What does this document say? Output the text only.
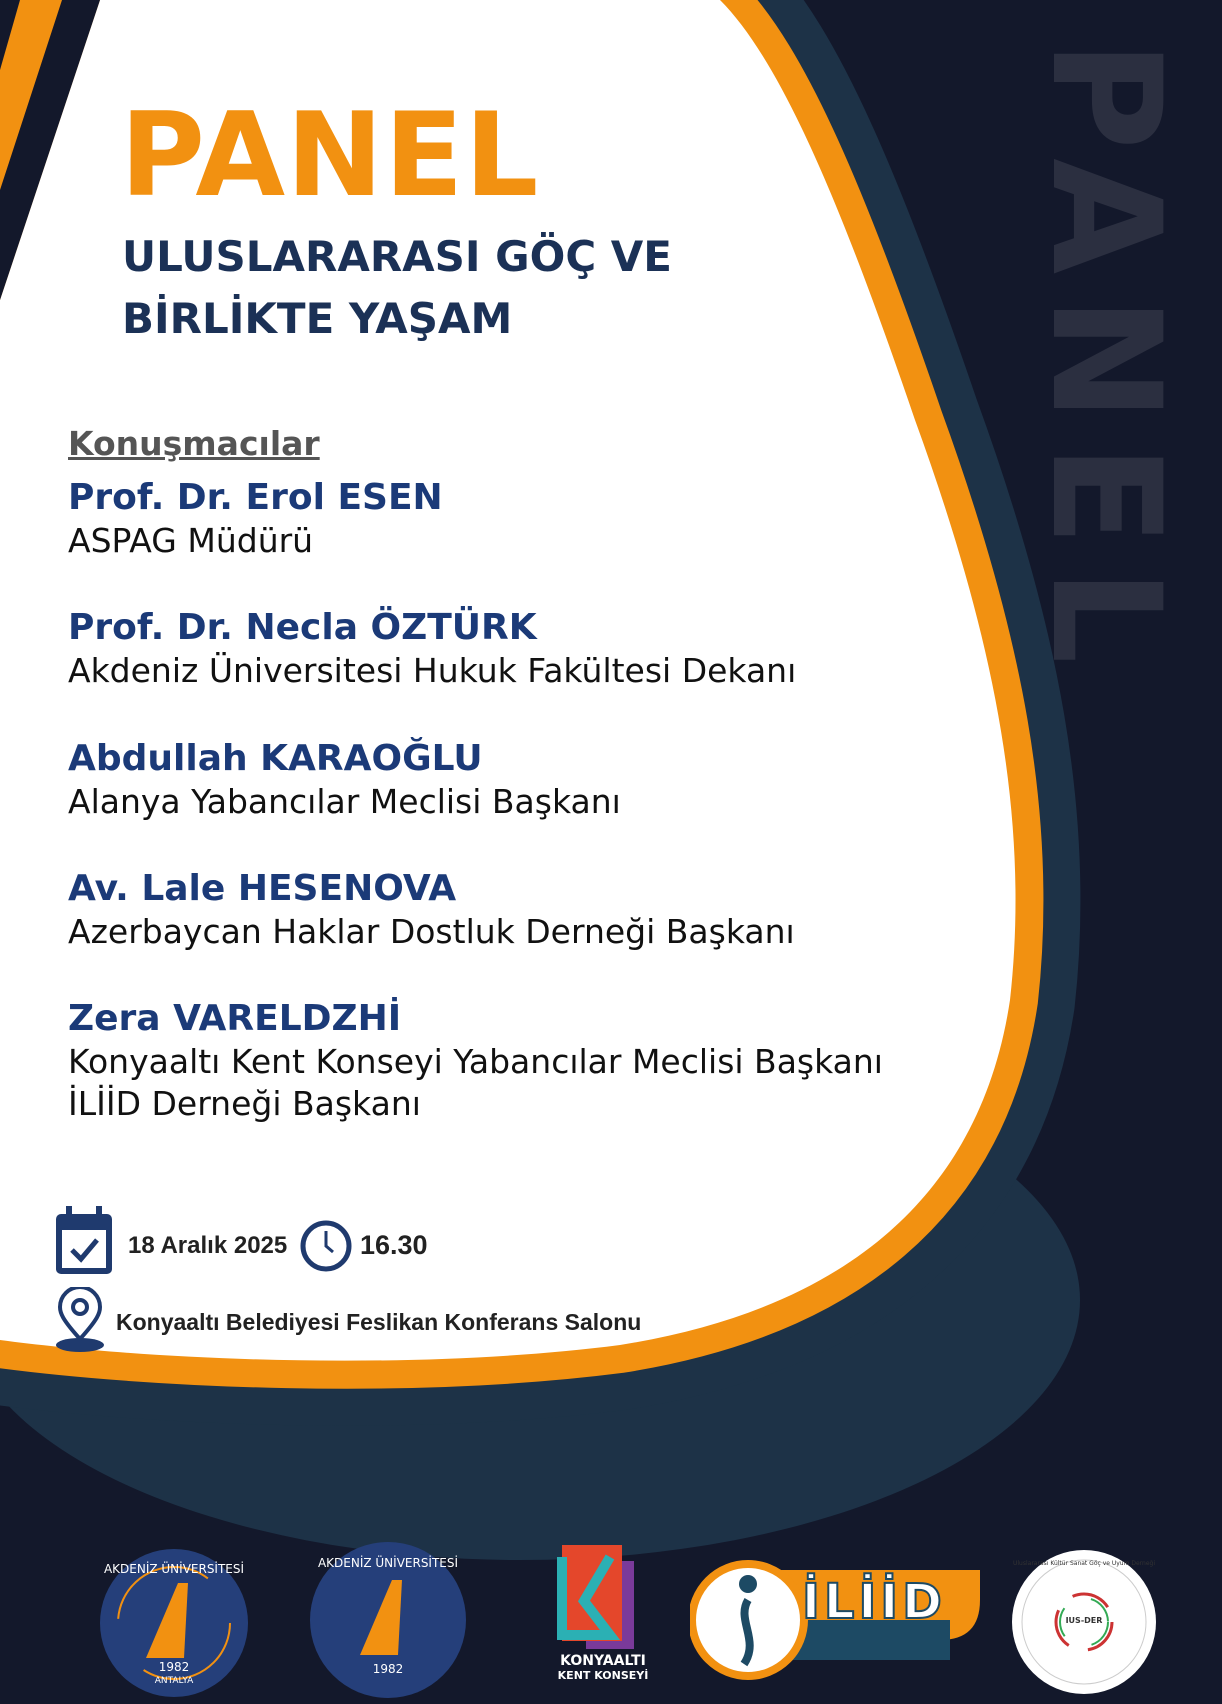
PANEL
ULUSLARARASI GÖÇ VE
BİRLİKTE YAŞAM	PANEL
Konuşmacılar
Prof. Dr. Erol ESEN
ASPAG Müdürü
Prof. Dr. Necla ÖZTÜRK
Akdeniz Üniversitesi Hukuk Fakültesi Dekanı
Abdullah KARAOĞLU
Alanya Yabancılar Meclisi Başkanı
Av. Lale HESENOVA
Azerbaycan Haklar Dostluk Derneği Başkanı
Zera VARELDZHİ
Konyaaltı Kent Konseyi Yabancılar Meclisi Başkanı
İLİİD Derneği Başkanı
18 Aralık 2025	16.30
Konyaaltı Belediyesi Feslikan Konferans Salonu
AKDENİZ ÜNİVERSİTESİ
1982
ANTALYA
AKDENİZ ÜNİVERSİTESİ
1982	KONYAALTI
KENT KONSEYİ
İLİİD	IUS-DER
Uluslararası Kültür Sanat Göç ve Uyum Derneği
